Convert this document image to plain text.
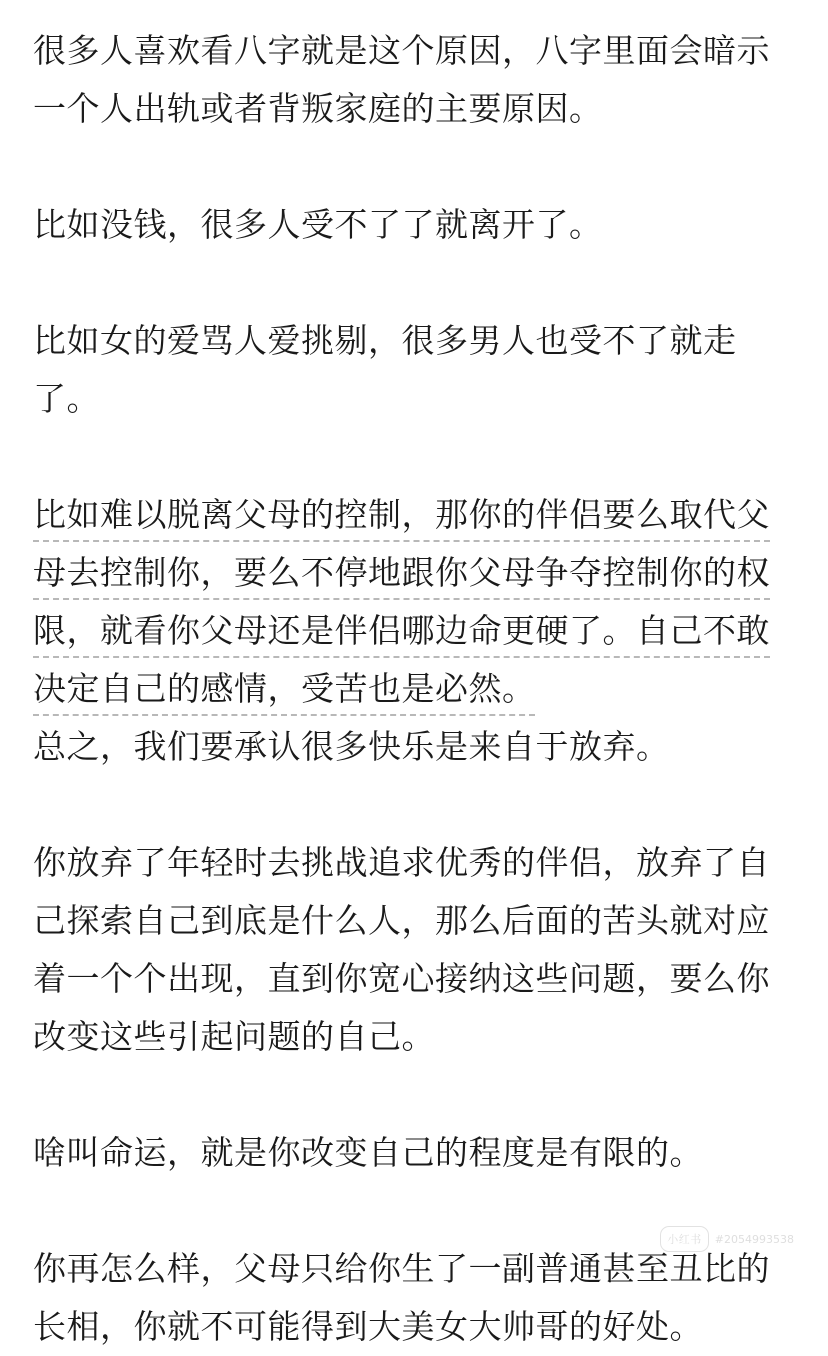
很多人喜欢看八字就是这个原因，八字里面会暗示
一个人出轨或者背叛家庭的主要原因。

比如没钱，很多人受不了了就离开了。

比如女的爱骂人爱挑剔，很多男人也受不了就走
了。

比如难以脱离父母的控制，那你的伴侣要么取代父
母去控制你，要么不停地跟你父母争夺控制你的权
限，就看你父母还是伴侣哪边命更硬了。自己不敢
决定自己的感情，受苦也是必然。

总之，我们要承认很多快乐是来自于放弃。

你放弃了年轻时去挑战追求优秀的伴侣，放弃了自
己探索自己到底是什么人，那么后面的苦头就对应
着一个个出现，直到你宽心接纳这些问题，要么你
改变这些引起问题的自己。

啥叫命运，就是你改变自己的程度是有限的。

你再怎么样，父母只给你生了一副普通甚至丑比的
长相，你就不可能得到大美女大帅哥的好处。

小红书	#2054993538
